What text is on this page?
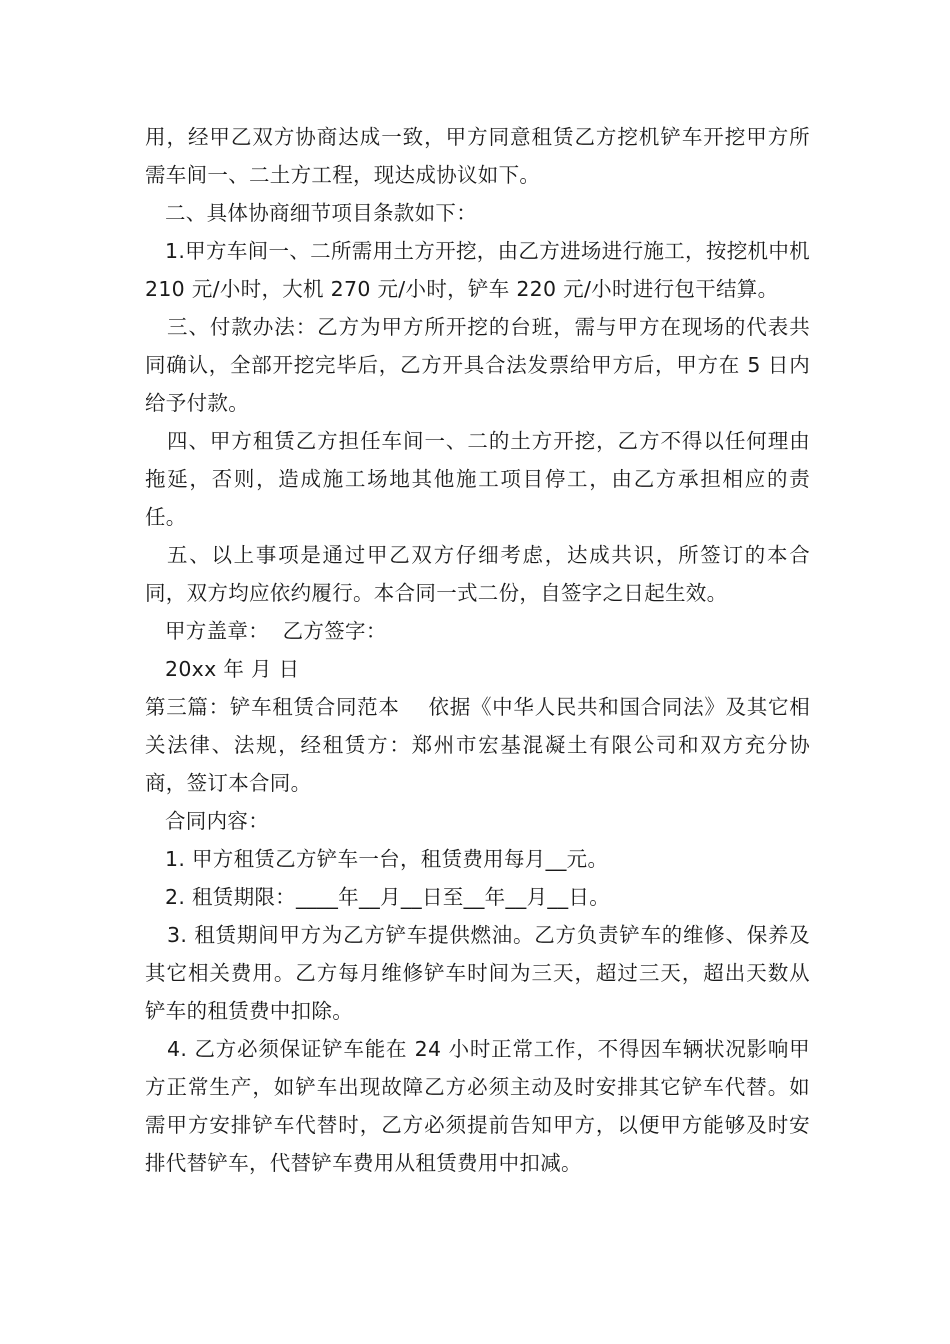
用，经甲乙双方协商达成一致，甲方同意租赁乙方挖机铲车开挖甲方所需车间一、二土方工程，现达成协议如下。

二、具体协商细节项目条款如下：

1.甲方车间一、二所需用土方开挖，由乙方进场进行施工，按挖机中机 210 元/小时，大机 270 元/小时，铲车 220 元/小时进行包干结算。

三、付款办法：乙方为甲方所开挖的台班，需与甲方在现场的代表共同确认，全部开挖完毕后，乙方开具合法发票给甲方后，甲方在 5 日内给予付款。

四、甲方租赁乙方担任车间一、二的土方开挖，乙方不得以任何理由拖延，否则，造成施工场地其他施工项目停工，由乙方承担相应的责任。

五、以上事项是通过甲乙双方仔细考虑，达成共识，所签订的本合同，双方均应依约履行。本合同一式二份，自签字之日起生效。

甲方盖章：  乙方签字：

20xx 年 月 日

第三篇：铲车租赁合同范本    依据《中华人民共和国合同法》及其它相关法律、法规，经租赁方：郑州市宏基混凝土有限公司和双方充分协商，签订本合同。

合同内容：

1. 甲方租赁乙方铲车一台，租赁费用每月__元。

2. 租赁期限：____年__月__日至__年__月__日。

3. 租赁期间甲方为乙方铲车提供燃油。乙方负责铲车的维修、保养及其它相关费用。乙方每月维修铲车时间为三天，超过三天，超出天数从铲车的租赁费中扣除。

4. 乙方必须保证铲车能在 24 小时正常工作，不得因车辆状况影响甲方正常生产，如铲车出现故障乙方必须主动及时安排其它铲车代替。如需甲方安排铲车代替时，乙方必须提前告知甲方，以便甲方能够及时安排代替铲车，代替铲车费用从租赁费用中扣减。
